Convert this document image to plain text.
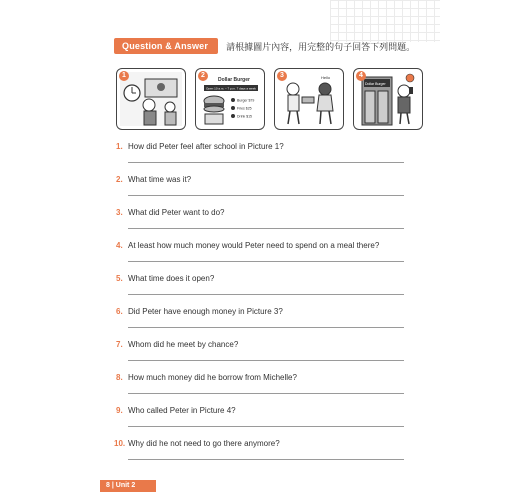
Question & Answer	請根據圖片內容，用完整的句子回答下列問題。
1	2
Dollar Burger
Open 10 a.m. – 7 p.m. 7 days a week
Burger $79
Fries $25
Drink $15
3	Hello	4
Dollar Burger
1. How did Peter feel after school in Picture 1?
2. What time was it?
3. What did Peter want to do?
4. At least how much money would Peter need to spend on a meal there?
5. What time does it open?
6. Did Peter have enough money in Picture 3?
7. Whom did he meet by chance?
8. How much money did he borrow from Michelle?
9. Who called Peter in Picture 4?
10. Why did he not need to go there anymore?
8 | Unit 2
